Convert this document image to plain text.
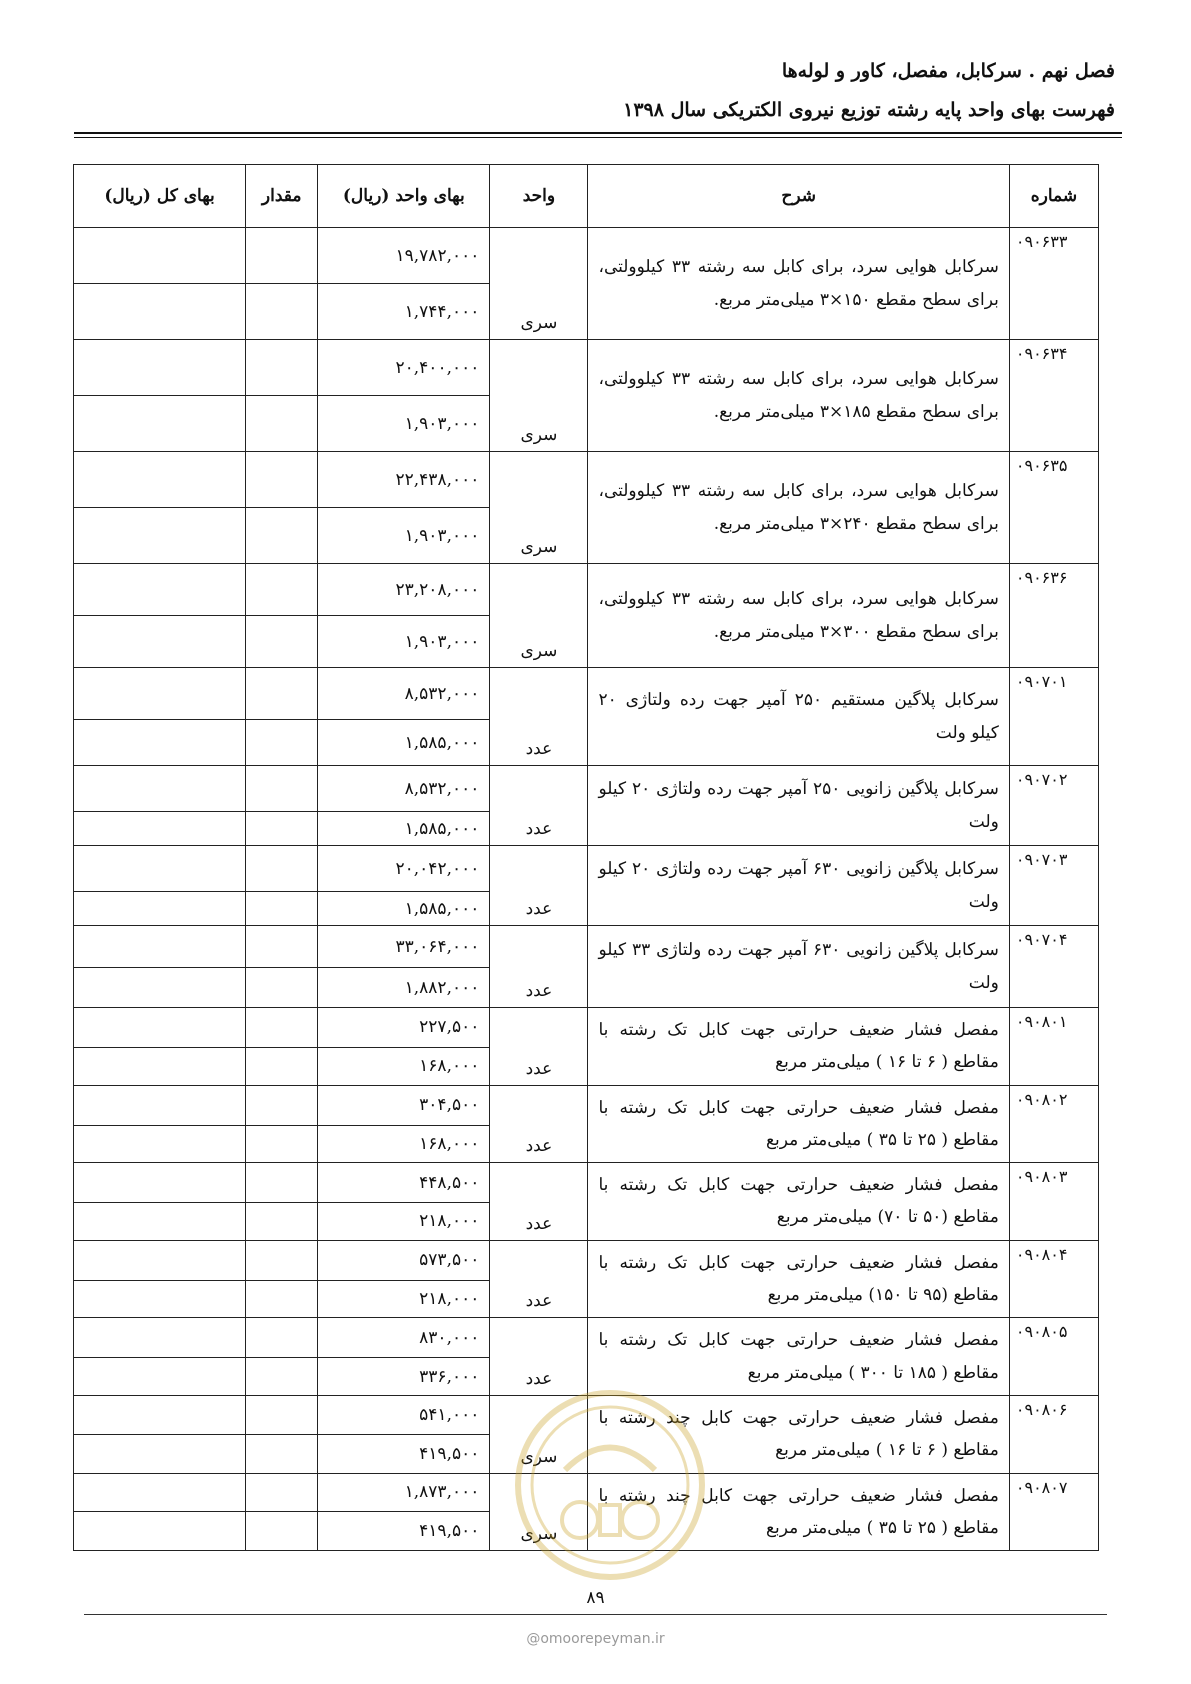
فصل نهم . سرکابل، مفصل، کاور و لوله‌ها
فهرست بهای واحد پایه رشته توزیع نیروی الکتریکی سال ۱۳۹۸
بهای کل (ریال)	مقدار	بهای واحد (ریال)	واحد	شرح	شماره
		۱۹,۷۸۲,۰۰۰	سری	سرکابل هوایی سرد، برای کابل سه رشته ۳۳ کیلوولتی، برای سطح مقطع ۱۵۰×۳ میلی‌متر مربع.	۰۹۰۶۳۳
		۱,۷۴۴,۰۰۰			
		۲۰,۴۰۰,۰۰۰	سری	سرکابل هوایی سرد، برای کابل سه رشته ۳۳ کیلوولتی، برای سطح مقطع ۱۸۵×۳ میلی‌متر مربع.	۰۹۰۶۳۴
		۱,۹۰۳,۰۰۰			
		۲۲,۴۳۸,۰۰۰	سری	سرکابل هوایی سرد، برای کابل سه رشته ۳۳ کیلوولتی، برای سطح مقطع ۲۴۰×۳ میلی‌متر مربع.	۰۹۰۶۳۵
		۱,۹۰۳,۰۰۰			
		۲۳,۲۰۸,۰۰۰	سری	سرکابل هوایی سرد، برای کابل سه رشته ۳۳ کیلوولتی، برای سطح مقطع ۳۰۰×۳ میلی‌متر مربع.	۰۹۰۶۳۶
		۱,۹۰۳,۰۰۰			
		۸,۵۳۲,۰۰۰	عدد	سرکابل پلاگین مستقیم ۲۵۰ آمپر جهت رده ولتاژی ۲۰ کیلو ولت	۰۹۰۷۰۱
		۱,۵۸۵,۰۰۰			
		۸,۵۳۲,۰۰۰	عدد	سرکابل پلاگین زانویی ۲۵۰ آمپر جهت رده ولتاژی ۲۰ کیلو ولت	۰۹۰۷۰۲
		۱,۵۸۵,۰۰۰			
		۲۰,۰۴۲,۰۰۰	عدد	سرکابل پلاگین زانویی ۶۳۰ آمپر جهت رده ولتاژی ۲۰ کیلو ولت	۰۹۰۷۰۳
		۱,۵۸۵,۰۰۰			
		۳۳,۰۶۴,۰۰۰	عدد	سرکابل پلاگین زانویی ۶۳۰ آمپر جهت رده ولتاژی ۳۳ کیلو ولت	۰۹۰۷۰۴
		۱,۸۸۲,۰۰۰			
		۲۲۷,۵۰۰	عدد	مفصل فشار ضعیف حرارتی جهت کابل تک رشته با مقاطع ( ۶ تا ۱۶ ) میلی‌متر مربع	۰۹۰۸۰۱
		۱۶۸,۰۰۰			
		۳۰۴,۵۰۰	عدد	مفصل فشار ضعیف حرارتی جهت کابل تک رشته با مقاطع ( ۲۵ تا ۳۵ ) میلی‌متر مربع	۰۹۰۸۰۲
		۱۶۸,۰۰۰			
		۴۴۸,۵۰۰	عدد	مفصل فشار ضعیف حرارتی جهت کابل تک رشته با مقاطع (۵۰ تا ۷۰) میلی‌متر مربع	۰۹۰۸۰۳
		۲۱۸,۰۰۰			
		۵۷۳,۵۰۰	عدد	مفصل فشار ضعیف حرارتی جهت کابل تک رشته با مقاطع (۹۵ تا ۱۵۰) میلی‌متر مربع	۰۹۰۸۰۴
		۲۱۸,۰۰۰			
		۸۳۰,۰۰۰	عدد	مفصل فشار ضعیف حرارتی جهت کابل تک رشته با مقاطع ( ۱۸۵ تا ۳۰۰ ) میلی‌متر مربع	۰۹۰۸۰۵
		۳۳۶,۰۰۰			
		۵۴۱,۰۰۰	سری	مفصل فشار ضعیف حرارتی جهت کابل چند رشته با مقاطع ( ۶ تا ۱۶ ) میلی‌متر مربع	۰۹۰۸۰۶
		۴۱۹,۵۰۰			
		۱,۸۷۳,۰۰۰	سری	مفصل فشار ضعیف حرارتی جهت کابل چند رشته با مقاطع ( ۲۵ تا ۳۵ ) میلی‌متر مربع	۰۹۰۸۰۷
		۴۱۹,۵۰۰			
۸۹
@omoorepeyman.ir
